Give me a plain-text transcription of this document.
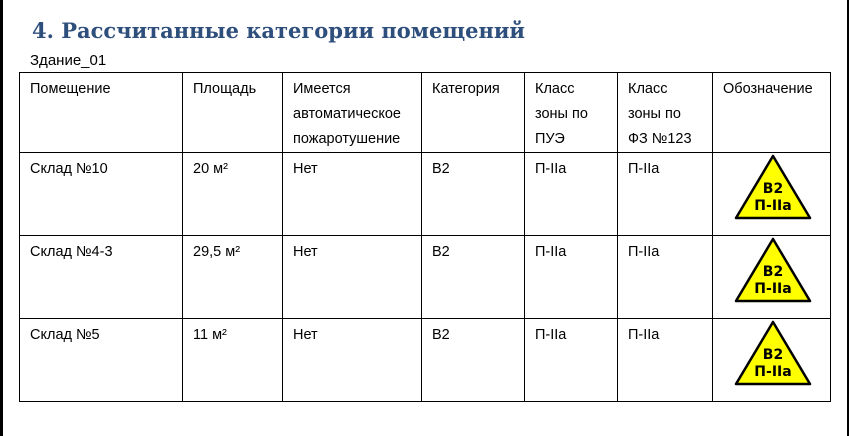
4. Рассчитанные категории помещений

Здание_01

Помещение	Площадь	Имеется автоматическое пожаротушение	Категория	Класс зоны по ПУЭ	Класс зоны по ФЗ №123	Обозначение
Склад №10	20 м²	Нет	В2	П-IIа	П-IIа	В2
П-IIа

Склад №4-3	29,5 м²	Нет	В2	П-IIа	П-IIа	В2
П-IIа

Склад №5	11 м²	Нет	В2	П-IIа	П-IIа	В2
П-IIа
